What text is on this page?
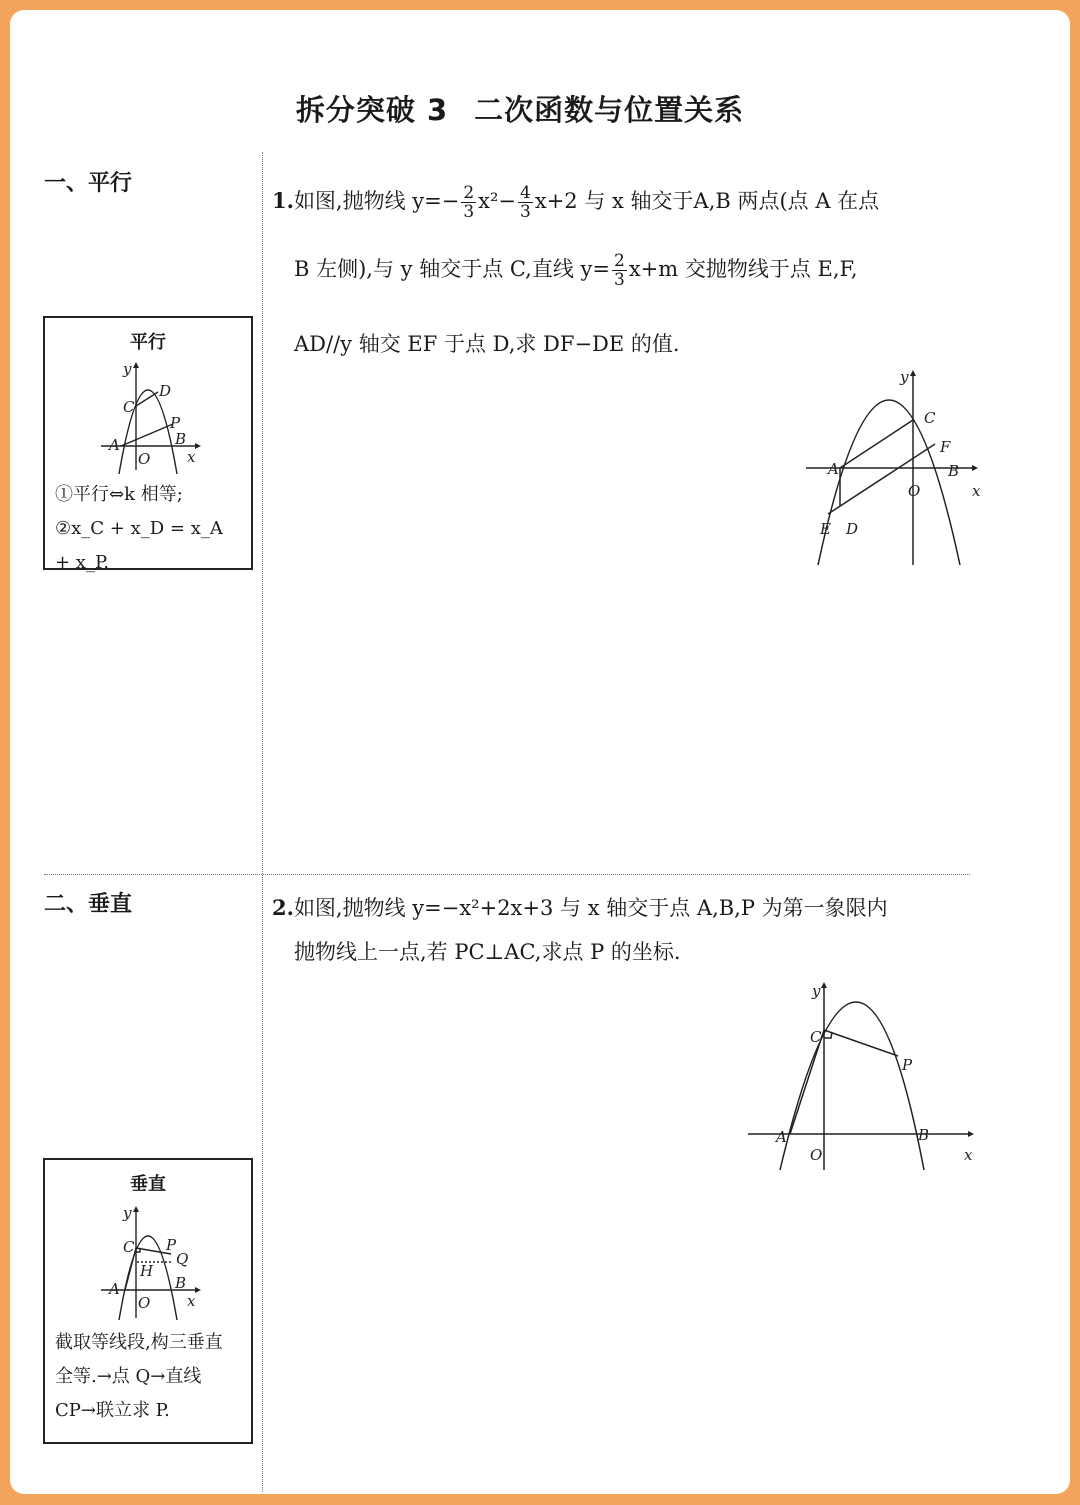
拆分突破 3 二次函数与位置关系
一、平行
平行
y
C
D
P
A	B
O x
①平行⇔k 相等;
②x_C + x_D = x_A + x_P.
1.如图,抛物线 $y=- \frac{2}{3} x^2- \frac{4}{3} x+2$ 与 x 轴交于A,B 两点(点 A 在点
B 左侧),与 y 轴交于点 C,直线 $y= \frac{2}{3} x+m$ 交抛物线于点 E,F,
AD//y 轴交 EF 于点 D,求 DF−DE 的值.
y
C
F
A	B
O	x
E D
二、垂直
垂直
y
C P
Q
H
A	B
O x
截取等线段,构三垂直
全等.→点 Q→直线
CP→联立求 P.
2.如图,抛物线 y=−x²+2x+3 与 x 轴交于点 A,B,P 为第一象限内
抛物线上一点,若 PC⊥AC,求点 P 的坐标.
y
C
P
A	B
O	x
